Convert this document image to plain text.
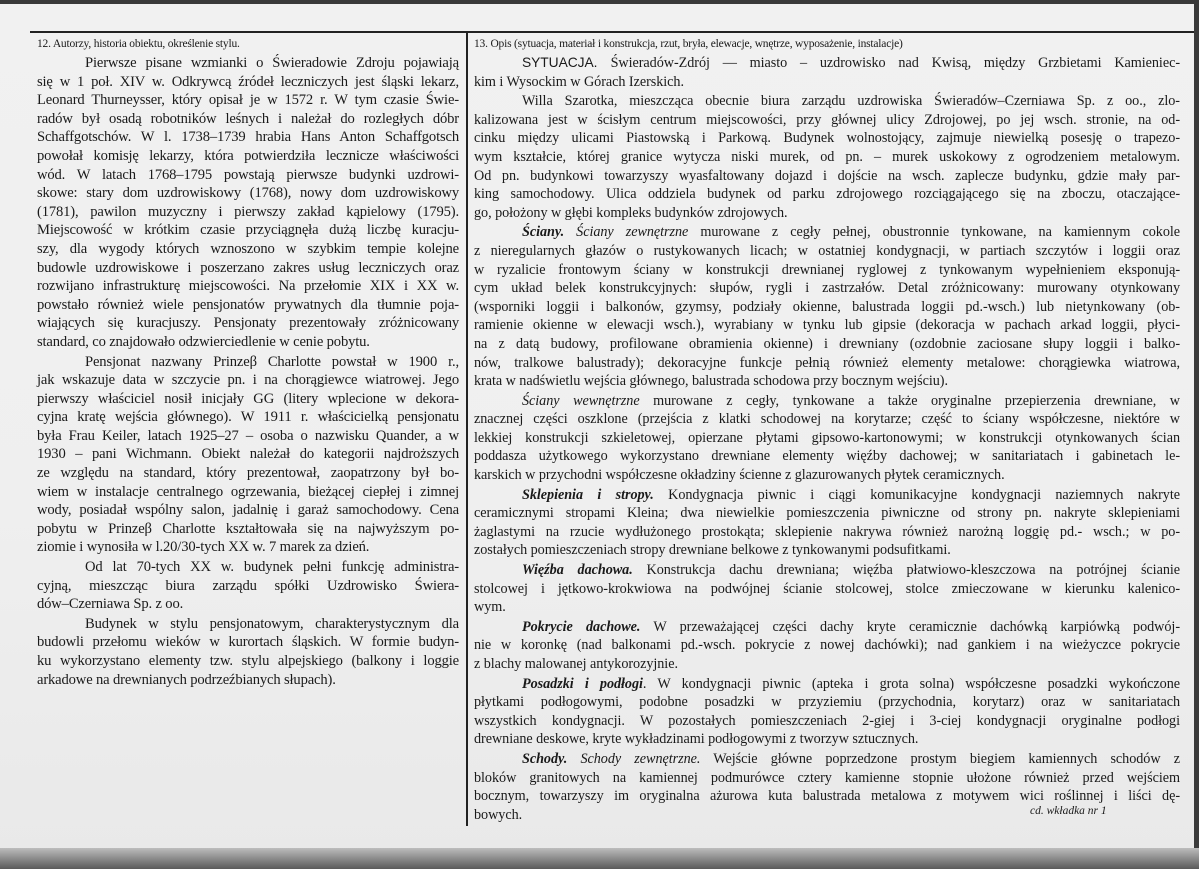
12. Autorzy, historia obiektu, określenie stylu.
Pierwsze pisane wzmianki o Świeradowie Zdroju pojawiają
się w 1 poł. XIV w. Odkrywcą źródeł leczniczych jest śląski lekarz,
Leonard Thurneysser, który opisał je w 1572 r. W tym czasie Świe-
radów był osadą robotników leśnych i należał do rozległych dóbr
Schaffgotschów. W l. 1738–1739 hrabia Hans Anton Schaffgotsch
powołał komisję lekarzy, która potwierdziła lecznicze właściwości
wód. W latach 1768–1795 powstają pierwsze budynki uzdrowi-
skowe: stary dom uzdrowiskowy (1768), nowy dom uzdrowiskowy
(1781), pawilon muzyczny i pierwszy zakład kąpielowy (1795).
Miejscowość w krótkim czasie przyciągnęła dużą liczbę kuracju-
szy, dla wygody których wznoszono w szybkim tempie kolejne
budowle uzdrowiskowe i poszerzano zakres usług leczniczych oraz
rozwijano infrastrukturę miejscowości. Na przełomie XIX i XX w.
powstało również wiele pensjonatów prywatnych dla tłumnie poja-
wiających się kuracjuszy. Pensjonaty prezentowały zróżnicowany
standard, co znajdowało odzwierciedlenie w cenie pobytu.
Pensjonat nazwany Prinzeβ Charlotte powstał w 1900 r.,
jak wskazuje data w szczycie pn. i na chorągiewce wiatrowej. Jego
pierwszy właściciel nosił inicjały GG (litery wplecione w dekora-
cyjna kratę wejścia głównego). W 1911 r. właścicielką pensjonatu
była Frau Keiler, latach 1925–27 – osoba o nazwisku Quander, a w
1930 – pani Wichmann. Obiekt należał do kategorii najdroższych
ze względu na standard, który prezentował, zaopatrzony był bo-
wiem w instalacje centralnego ogrzewania, bieżącej ciepłej i zimnej
wody, posiadał wspólny salon, jadalnię i garaż samochodowy. Cena
pobytu w Prinzeβ Charlotte kształtowała się na najwyższym po-
ziomie i wynosiła w l.20/30-tych XX w. 7 marek za dzień.
Od lat 70-tych XX w. budynek pełni funkcję administra-
cyjną, mieszcząc biura zarządu spółki Uzdrowisko Świera-
dów–Czerniawa Sp. z oo.
Budynek w stylu pensjonatowym, charakterystycznym dla
budowli przełomu wieków w kurortach śląskich. W formie budyn-
ku wykorzystano elementy tzw. stylu alpejskiego (balkony i loggie
arkadowe na drewnianych podrzeźbianych słupach).
13. Opis (sytuacja, materiał i konstrukcja, rzut, bryła, elewacje, wnętrze, wyposażenie, instalacje)
SYTUACJA. Świeradów-Zdrój — miasto – uzdrowisko nad Kwisą, między Grzbietami Kamieniec-
kim i Wysockim w Górach Izerskich.
Willa Szarotka, mieszcząca obecnie biura zarządu uzdrowiska Świeradów–Czerniawa Sp. z oo., zlo-
kalizowana jest w ścisłym centrum miejscowości, przy głównej ulicy Zdrojowej, po jej wsch. stronie, na od-
cinku między ulicami Piastowską i Parkową. Budynek wolnostojący, zajmuje niewielką posesję o trapezo-
wym kształcie, której granice wytycza niski murek, od pn. – murek uskokowy z ogrodzeniem metalowym.
Od pn. budynkowi towarzyszy wyasfaltowany dojazd i dojście na wsch. zaplecze budynku, gdzie mały par-
king samochodowy. Ulica oddziela budynek od parku zdrojowego rozciągającego się na zboczu, otaczające-
go, położony w głębi kompleks budynków zdrojowych.
Ściany. Ściany zewnętrzne murowane z cegły pełnej, obustronnie tynkowane, na kamiennym cokole
z nieregularnych głazów o rustykowanych licach; w ostatniej kondygnacji, w partiach szczytów i loggii oraz
w ryzalicie frontowym ściany w konstrukcji drewnianej ryglowej z tynkowanym wypełnieniem eksponują-
cym układ belek konstrukcyjnych: słupów, rygli i zastrzałów. Detal zróżnicowany: murowany otynkowany
(wsporniki loggii i balkonów, gzymsy, podziały okienne, balustrada loggii pd.-wsch.) lub nietynkowany (ob-
ramienie okienne w elewacji wsch.), wyrabiany w tynku lub gipsie (dekoracja w pachach arkad loggii, płyci-
na z datą budowy, profilowane obramienia okienne) i drewniany (ozdobnie zaciosane słupy loggii i balko-
nów, tralkowe balustrady); dekoracyjne funkcje pełnią również elementy metalowe: chorągiewka wiatrowa,
krata w nadświetlu wejścia głównego, balustrada schodowa przy bocznym wejściu).
Ściany wewnętrzne murowane z cegły, tynkowane a także oryginalne przepierzenia drewniane, w
znacznej części oszklone (przejścia z klatki schodowej na korytarze; część to ściany współczesne, niektóre w
lekkiej konstrukcji szkieletowej, opierzane płytami gipsowo-kartonowymi; w konstrukcji otynkowanych ścian
poddasza użytkowego wykorzystano drewniane elementy więźby dachowej; w sanitariatach i gabinetach le-
karskich w przychodni współczesne okładziny ścienne z glazurowanych płytek ceramicznych.
Sklepienia i stropy. Kondygnacja piwnic i ciągi komunikacyjne kondygnacji naziemnych nakryte
ceramicznymi stropami Kleina; dwa niewielkie pomieszczenia piwniczne od strony pn. nakryte sklepieniami
żaglastymi na rzucie wydłużonego prostokąta; sklepienie nakrywa również narożną loggię pd.- wsch.; w po-
zostałych pomieszczeniach stropy drewniane belkowe z tynkowanymi podsufitkami.
Więźba dachowa. Konstrukcja dachu drewniana; więźba płatwiowo-kleszczowa na potrójnej ścianie
stolcowej i jętkowo-krokwiowa na podwójnej ścianie stolcowej, stolce zmieczowane w kierunku kalenico-
wym.
Pokrycie dachowe. W przeważającej części dachy kryte ceramicznie dachówką karpiówką podwój-
nie w koronkę (nad balkonami pd.-wsch. pokrycie z nowej dachówki); nad gankiem i na wieżyczce pokrycie
z blachy malowanej antykorozyjnie.
Posadzki i podłogi. W kondygnacji piwnic (apteka i grota solna) współczesne posadzki wykończone
płytkami podłogowymi, podobne posadzki w przyziemiu (przychodnia, korytarz) oraz w sanitariatach
wszystkich kondygnacji. W pozostałych pomieszczeniach 2-giej i 3-ciej kondygnacji oryginalne podłogi
drewniane deskowe, kryte wykładzinami podłogowymi z tworzyw sztucznych.
Schody. Schody zewnętrzne. Wejście główne poprzedzone prostym biegiem kamiennych schodów z
bloków granitowych na kamiennej podmurówce cztery kamienne stopnie ułożone również przed wejściem
bocznym, towarzyszy im oryginalna ażurowa kuta balustrada metalowa z motywem wici roślinnej i liści dę-
bowych.	cd. wkładka nr 1
